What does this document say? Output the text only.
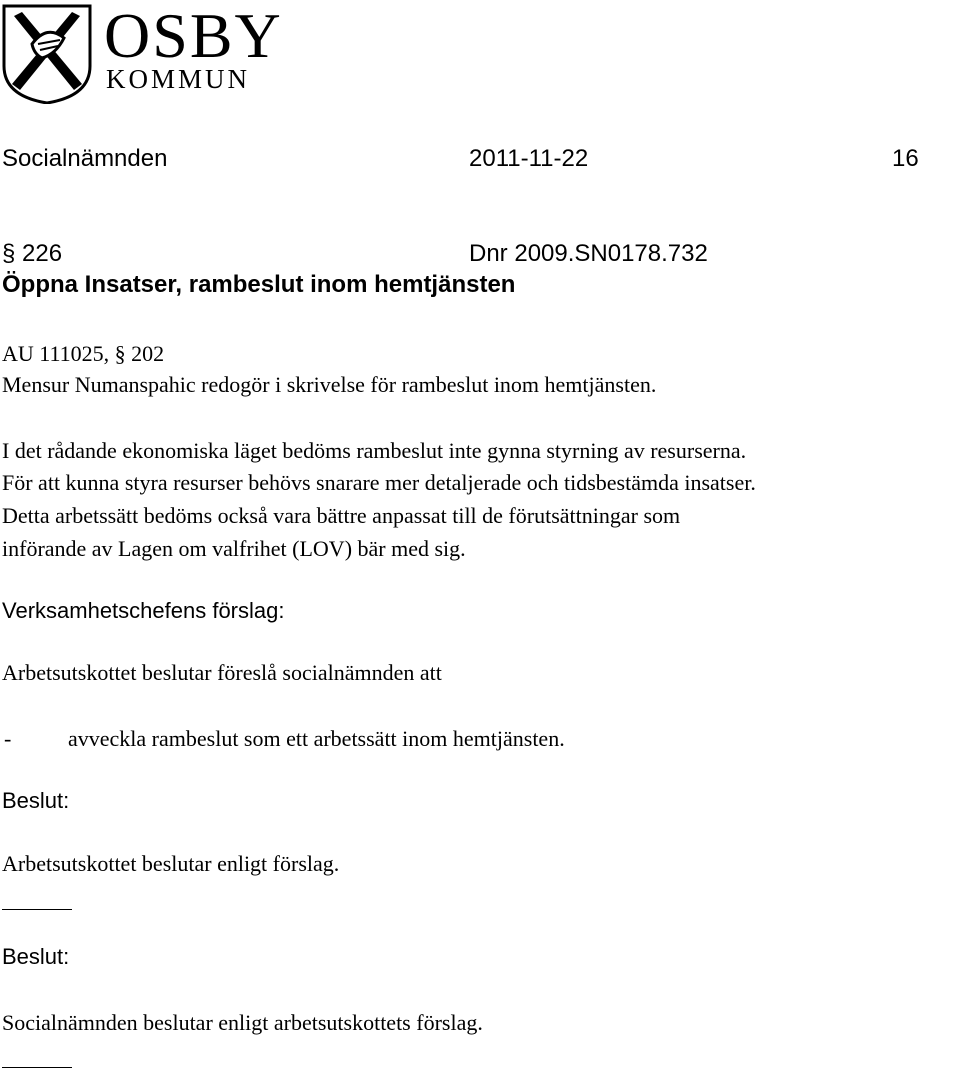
OSBY
KOMMUN
Socialnämnden	2011-11-22	16
§ 226	Dnr 2009.SN0178.732
Öppna Insatser, rambeslut inom hemtjänsten
AU 111025, § 202
Mensur Numanspahic redogör i skrivelse för rambeslut inom hemtjänsten.
I det rådande ekonomiska läget bedöms rambeslut inte gynna styrning av resurserna.
För att kunna styra resurser behövs snarare mer detaljerade och tidsbestämda insatser.
Detta arbetssätt bedöms också vara bättre anpassat till de förutsättningar som
införande av Lagen om valfrihet (LOV) bär med sig.
Verksamhetschefens förslag:
Arbetsutskottet beslutar föreslå socialnämnden att
-	avveckla rambeslut som ett arbetssätt inom hemtjänsten.
Beslut:
Arbetsutskottet beslutar enligt förslag.
Beslut:
Socialnämnden beslutar enligt arbetsutskottets förslag.
